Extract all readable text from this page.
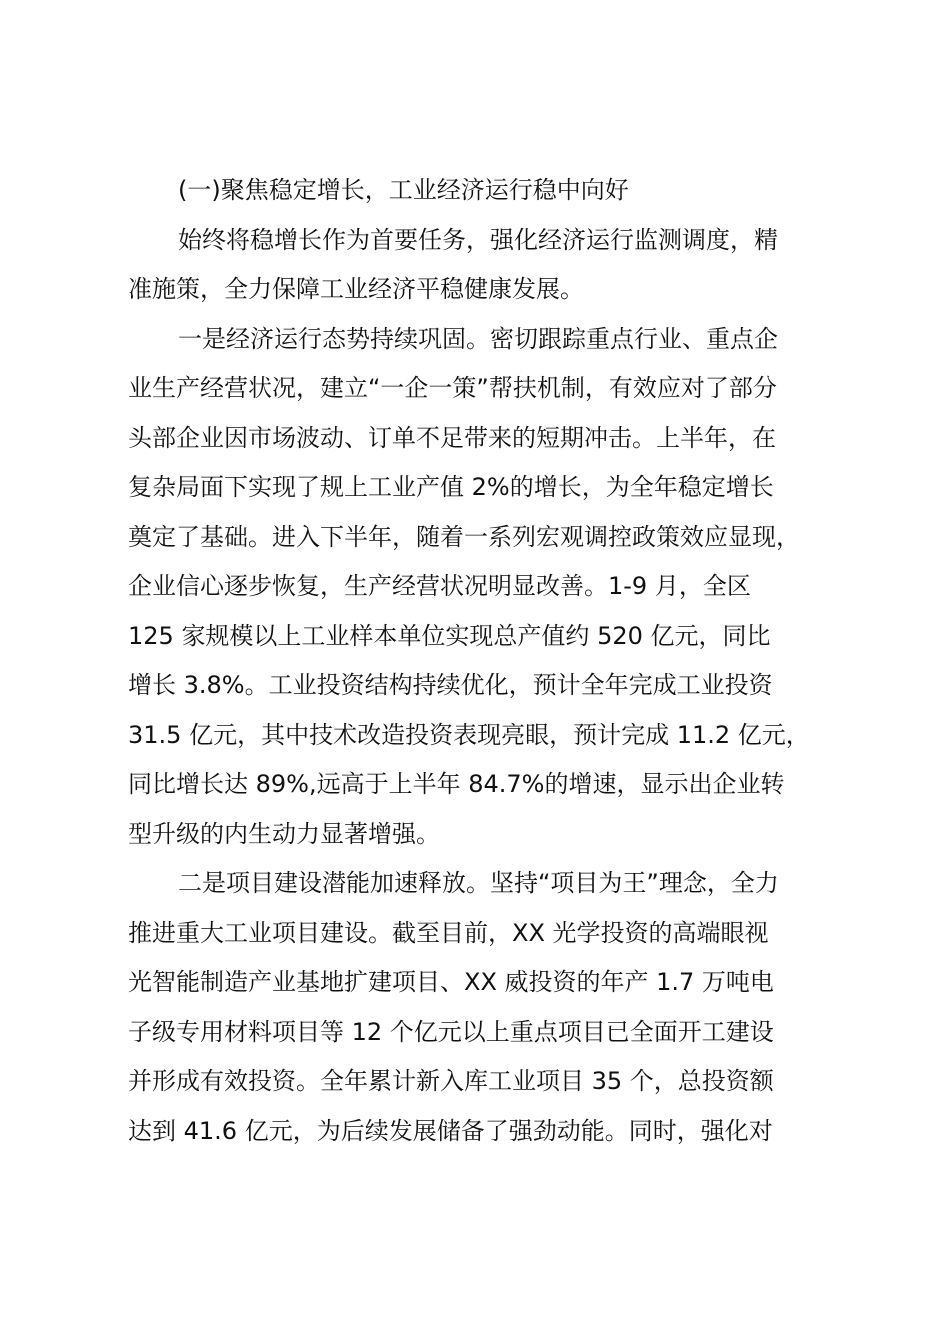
(一)聚焦稳定增长，工业经济运行稳中向好
始终将稳增长作为首要任务，强化经济运行监测调度，精
准施策，全力保障工业经济平稳健康发展。
一是经济运行态势持续巩固。密切跟踪重点行业、重点企
业生产经营状况，建立“一企一策”帮扶机制，有效应对了部分
头部企业因市场波动、订单不足带来的短期冲击。上半年，在
复杂局面下实现了规上工业产值 2%的增长，为全年稳定增长
奠定了基础。进入下半年，随着一系列宏观调控政策效应显现，
企业信心逐步恢复，生产经营状况明显改善。1-9 月，全区
125 家规模以上工业样本单位实现总产值约 520 亿元，同比
增长 3.8%。工业投资结构持续优化，预计全年完成工业投资
31.5 亿元，其中技术改造投资表现亮眼，预计完成 11.2 亿元，
同比增长达 89%,远高于上半年 84.7%的增速，显示出企业转
型升级的内生动力显著增强。
二是项目建设潜能加速释放。坚持“项目为王”理念，全力
推进重大工业项目建设。截至目前，XX 光学投资的高端眼视
光智能制造产业基地扩建项目、XX 威投资的年产 1.7 万吨电
子级专用材料项目等 12 个亿元以上重点项目已全面开工建设
并形成有效投资。全年累计新入库工业项目 35 个，总投资额
达到 41.6 亿元，为后续发展储备了强劲动能。同时，强化对
